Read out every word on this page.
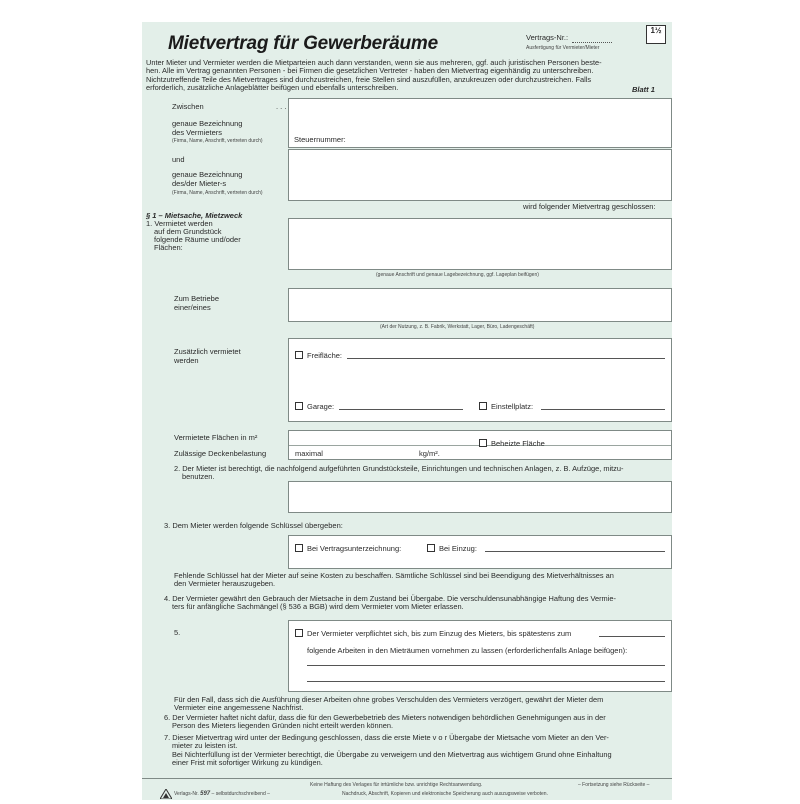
Mietvertrag für Gewerberäume	Vertrags-Nr.:
Ausfertigung für Vermieter/Mieter
1½
Unter Mieter und Vermieter werden die Mietparteien auch dann verstanden, wenn sie aus mehreren, ggf. auch juristischen Personen beste-
hen. Alle im Vertrag genannten Personen - bei Firmen die gesetzlichen Vertreter - haben den Mietvertrag eigenhändig zu unterschreiben.
Nichtzutreffende Teile des Mietvertrages sind durchzustreichen, freie Stellen sind auszufüllen, anzukreuzen oder durchzustreichen. Falls
erforderlich, zusätzliche Anlageblätter beifügen und ebenfalls unterschreiben.	Blatt 1
Zwischen	. . .
genaue Bezeichnung
des Vermieters
(Firma, Name, Anschrift, vertreten durch)	Steuernummer:
und
genaue Bezeichnung
des/der Mieter-s
(Firma, Name, Anschrift, vertreten durch)
wird folgender Mietvertrag geschlossen:
§ 1 – Mietsache, Mietzweck
1. Vermietet werden
auf dem Grundstück
folgende Räume und/oder
Flächen:
(genaue Anschrift und genaue Lagebezeichnung, ggf. Lageplan beifügen)
Zum Betriebe
einer/eines
(Art der Nutzung, z. B. Fabrik, Werkstatt, Lager, Büro, Ladengeschäft)
Zusätzlich vermietet
werden
Freifläche:
Garage:	Einstellplatz:
Vermietete Flächen in m²
Zulässige Deckenbelastung
Beheizte Fläche
maximal	kg/m².
2. Der Mieter ist berechtigt, die nachfolgend aufgeführten Grundstücksteile, Einrichtungen und technischen Anlagen, z. B. Aufzüge, mitzu-
benutzen.
3. Dem Mieter werden folgende Schlüssel übergeben:
Bei Vertragsunterzeichnung:	Bei Einzug:
Fehlende Schlüssel hat der Mieter auf seine Kosten zu beschaffen. Sämtliche Schlüssel sind bei Beendigung des Mietverhältnisses an
den Vermieter herauszugeben.
4. Der Vermieter gewährt den Gebrauch der Mietsache in dem Zustand bei Übergabe. Die verschuldensunabhängige Haftung des Vermie-
ters für anfängliche Sachmängel (§ 536 a BGB) wird dem Vermieter vom Mieter erlassen.
5.	Der Vermieter verpflichtet sich, bis zum Einzug des Mieters, bis spätestens zum
folgende Arbeiten in den Mieträumen vornehmen zu lassen (erforderlichenfalls Anlage beifügen):
Für den Fall, dass sich die Ausführung dieser Arbeiten ohne grobes Verschulden des Vermieters verzögert, gewährt der Mieter dem
Vermieter eine angemessene Nachfrist.
6. Der Vermieter haftet nicht dafür, dass die für den Gewerbebetrieb des Mieters notwendigen behördlichen Genehmigungen aus in der
Person des Mieters liegenden Gründen nicht erteilt werden können.
7. Dieser Mietvertrag wird unter der Bedingung geschlossen, dass die erste Miete v o r Übergabe der Mietsache vom Mieter an den Ver-
mieter zu leisten ist.
Bei Nichterfüllung ist der Vermieter berechtigt, die Übergabe zu verweigern und den Mietvertrag aus wichtigem Grund ohne Einhaltung
einer Frist mit sofortiger Wirkung zu kündigen.
Keine Haftung des Verlages für irrtümliche bzw. unrichtige Rechtsanwendung.	– Fortsetzung siehe Rückseite –
Verlags-Nr. 597 – selbstdurchschreibend –	Nachdruck, Abschrift, Kopieren und elektronische Speicherung auch auszugsweise verboten.
